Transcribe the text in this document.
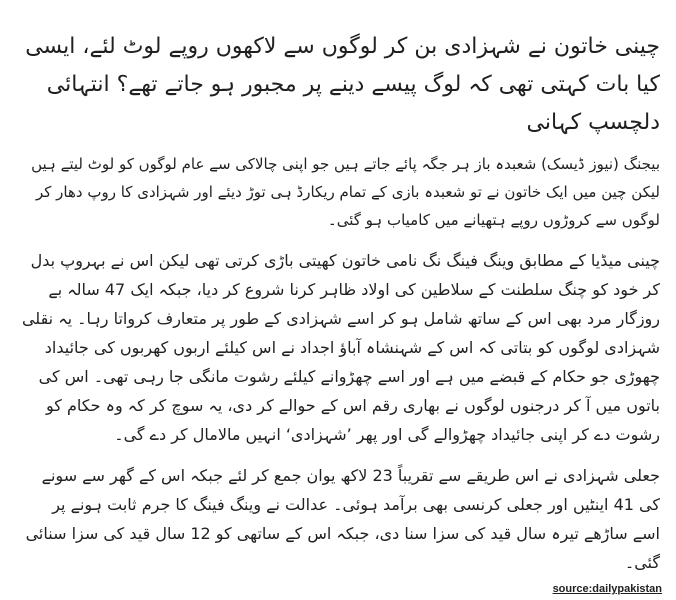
چینی خاتون نے شہزادی بن کر لوگوں سے لاکھوں روپے لوٹ لئے، ایسی کیا بات کہتی تھی کہ لوگ پیسے دینے پر مجبور ہو جاتے تھے؟ انتہائی دلچسپ کہانی

بیجنگ (نیوز ڈیسک) شعبدہ باز ہر جگہ پائے جاتے ہیں جو اپنی چالاکی سے عام لوگوں کو لوٹ لیتے ہیں لیکن چین میں ایک خاتون نے تو شعبدہ بازی کے تمام ریکارڈ ہی توڑ دیئے اور شہزادی کا روپ دھار کر لوگوں سے کروڑوں روپے ہتھیانے میں کامیاب ہو گئی۔

چینی میڈیا کے مطابق وینگ فینگ نگ نامی خاتون کھیتی باڑی کرتی تھی لیکن اس نے بہروپ بدل کر خود کو چنگ سلطنت کے سلاطین کی اولاد ظاہر کرنا شروع کر دیا، جبکہ ایک 47 سالہ بے روزگار مرد بھی اس کے ساتھ شامل ہو کر اسے شہزادی کے طور پر متعارف کرواتا رہا۔ یہ نقلی شہزادی لوگوں کو بتاتی کہ اس کے شہنشاہ آباؤ اجداد نے اس کیلئے اربوں کھربوں کی جائیداد چھوڑی جو حکام کے قبضے میں ہے اور اسے چھڑوانے کیلئے رشوت مانگی جا رہی تھی۔ اس کی باتوں میں آ کر درجنوں لوگوں نے بھاری رقم اس کے حوالے کر دی، یہ سوچ کر کہ وہ حکام کو رشوت دے کر اپنی جائیداد چھڑوالے گی اور پھر ’شہزادی‘ انہیں مالامال کر دے گی۔

جعلی شہزادی نے اس طریقے سے تقریباً 23 لاکھ یوان جمع کر لئے جبکہ اس کے گھر سے سونے کی 41 اینٹیں اور جعلی کرنسی بھی برآمد ہوئی۔ عدالت نے وینگ فینگ کا جرم ثابت ہونے پر اسے ساڑھے تیرہ سال قید کی سزا سنا دی، جبکہ اس کے ساتھی کو 12 سال قید کی سزا سنائی گئی۔

source:dailypakistan
